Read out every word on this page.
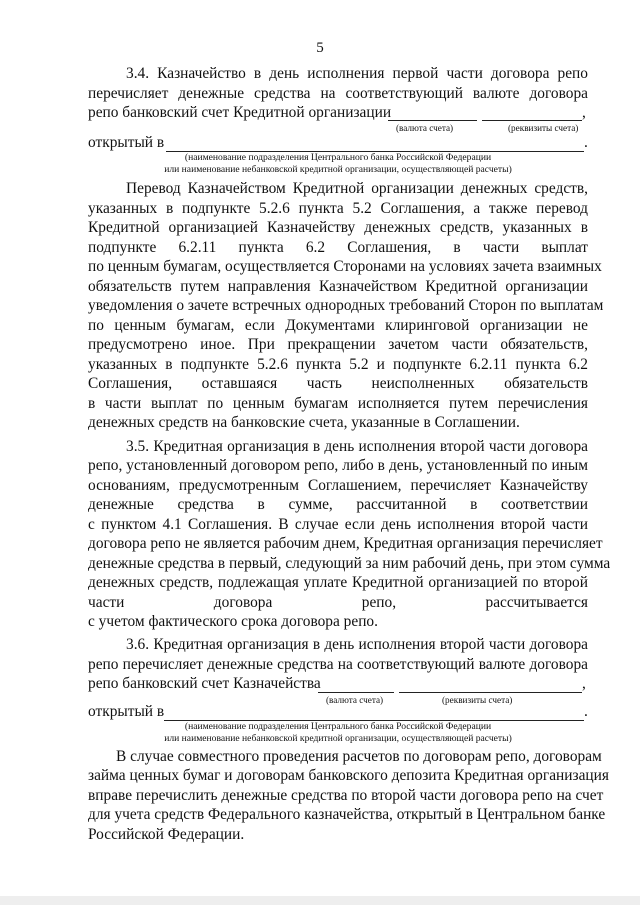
5
3.4. Казначейство в день исполнения первой части договора репо
перечисляет денежные средства на соответствующий валюте договора
репо банковский счет Кредитной организации	,
(валюта счета)	(реквизиты счета)
открытый в	.
(наименование подразделения Центрального банка Российской Федерации
или наименование небанковской кредитной организации, осуществляющей расчеты)
Перевод Казначейством Кредитной организации денежных средств,
указанных в подпункте 5.2.6 пункта 5.2 Соглашения, а также перевод
Кредитной организацией Казначейству денежных средств, указанных в
подпункте 6.2.11 пункта 6.2 Соглашения, в части выплат
по ценным бумагам, осуществляется Сторонами на условиях зачета взаимных
обязательств путем направления Казначейством Кредитной организации
уведомления о зачете встречных однородных требований Сторон по выплатам
по ценным бумагам, если Документами клиринговой организации не
предусмотрено иное. При прекращении зачетом части обязательств,
указанных в подпункте 5.2.6 пункта 5.2 и подпункте 6.2.11 пункта 6.2
Соглашения, оставшаяся часть неисполненных обязательств
в части выплат по ценным бумагам исполняется путем перечисления
денежных средств на банковские счета, указанные в Соглашении.
3.5. Кредитная организация в день исполнения второй части договора
репо, установленный договором репо, либо в день, установленный по иным
основаниям, предусмотренным Соглашением, перечисляет Казначейству
денежные средства в сумме, рассчитанной в соответствии
с пунктом 4.1 Соглашения. В случае если день исполнения второй части
договора репо не является рабочим днем, Кредитная организация перечисляет
денежные средства в первый, следующий за ним рабочий день, при этом сумма
денежных средств, подлежащая уплате Кредитной организацией по второй
части договора репо, рассчитывается
с учетом фактического срока договора репо.
3.6. Кредитная организация в день исполнения второй части договора
репо перечисляет денежные средства на соответствующий валюте договора
репо банковский счет Казначейства	,
(валюта счета)	(реквизиты счета)
открытый в	.
(наименование подразделения Центрального банка Российской Федерации
или наименование небанковской кредитной организации, осуществляющей расчеты)
В случае совместного проведения расчетов по договорам репо, договорам
займа ценных бумаг и договорам банковского депозита Кредитная организация
вправе перечислить денежные средства по второй части договора репо на счет
для учета средств Федерального казначейства, открытый в Центральном банке
Российской Федерации.
